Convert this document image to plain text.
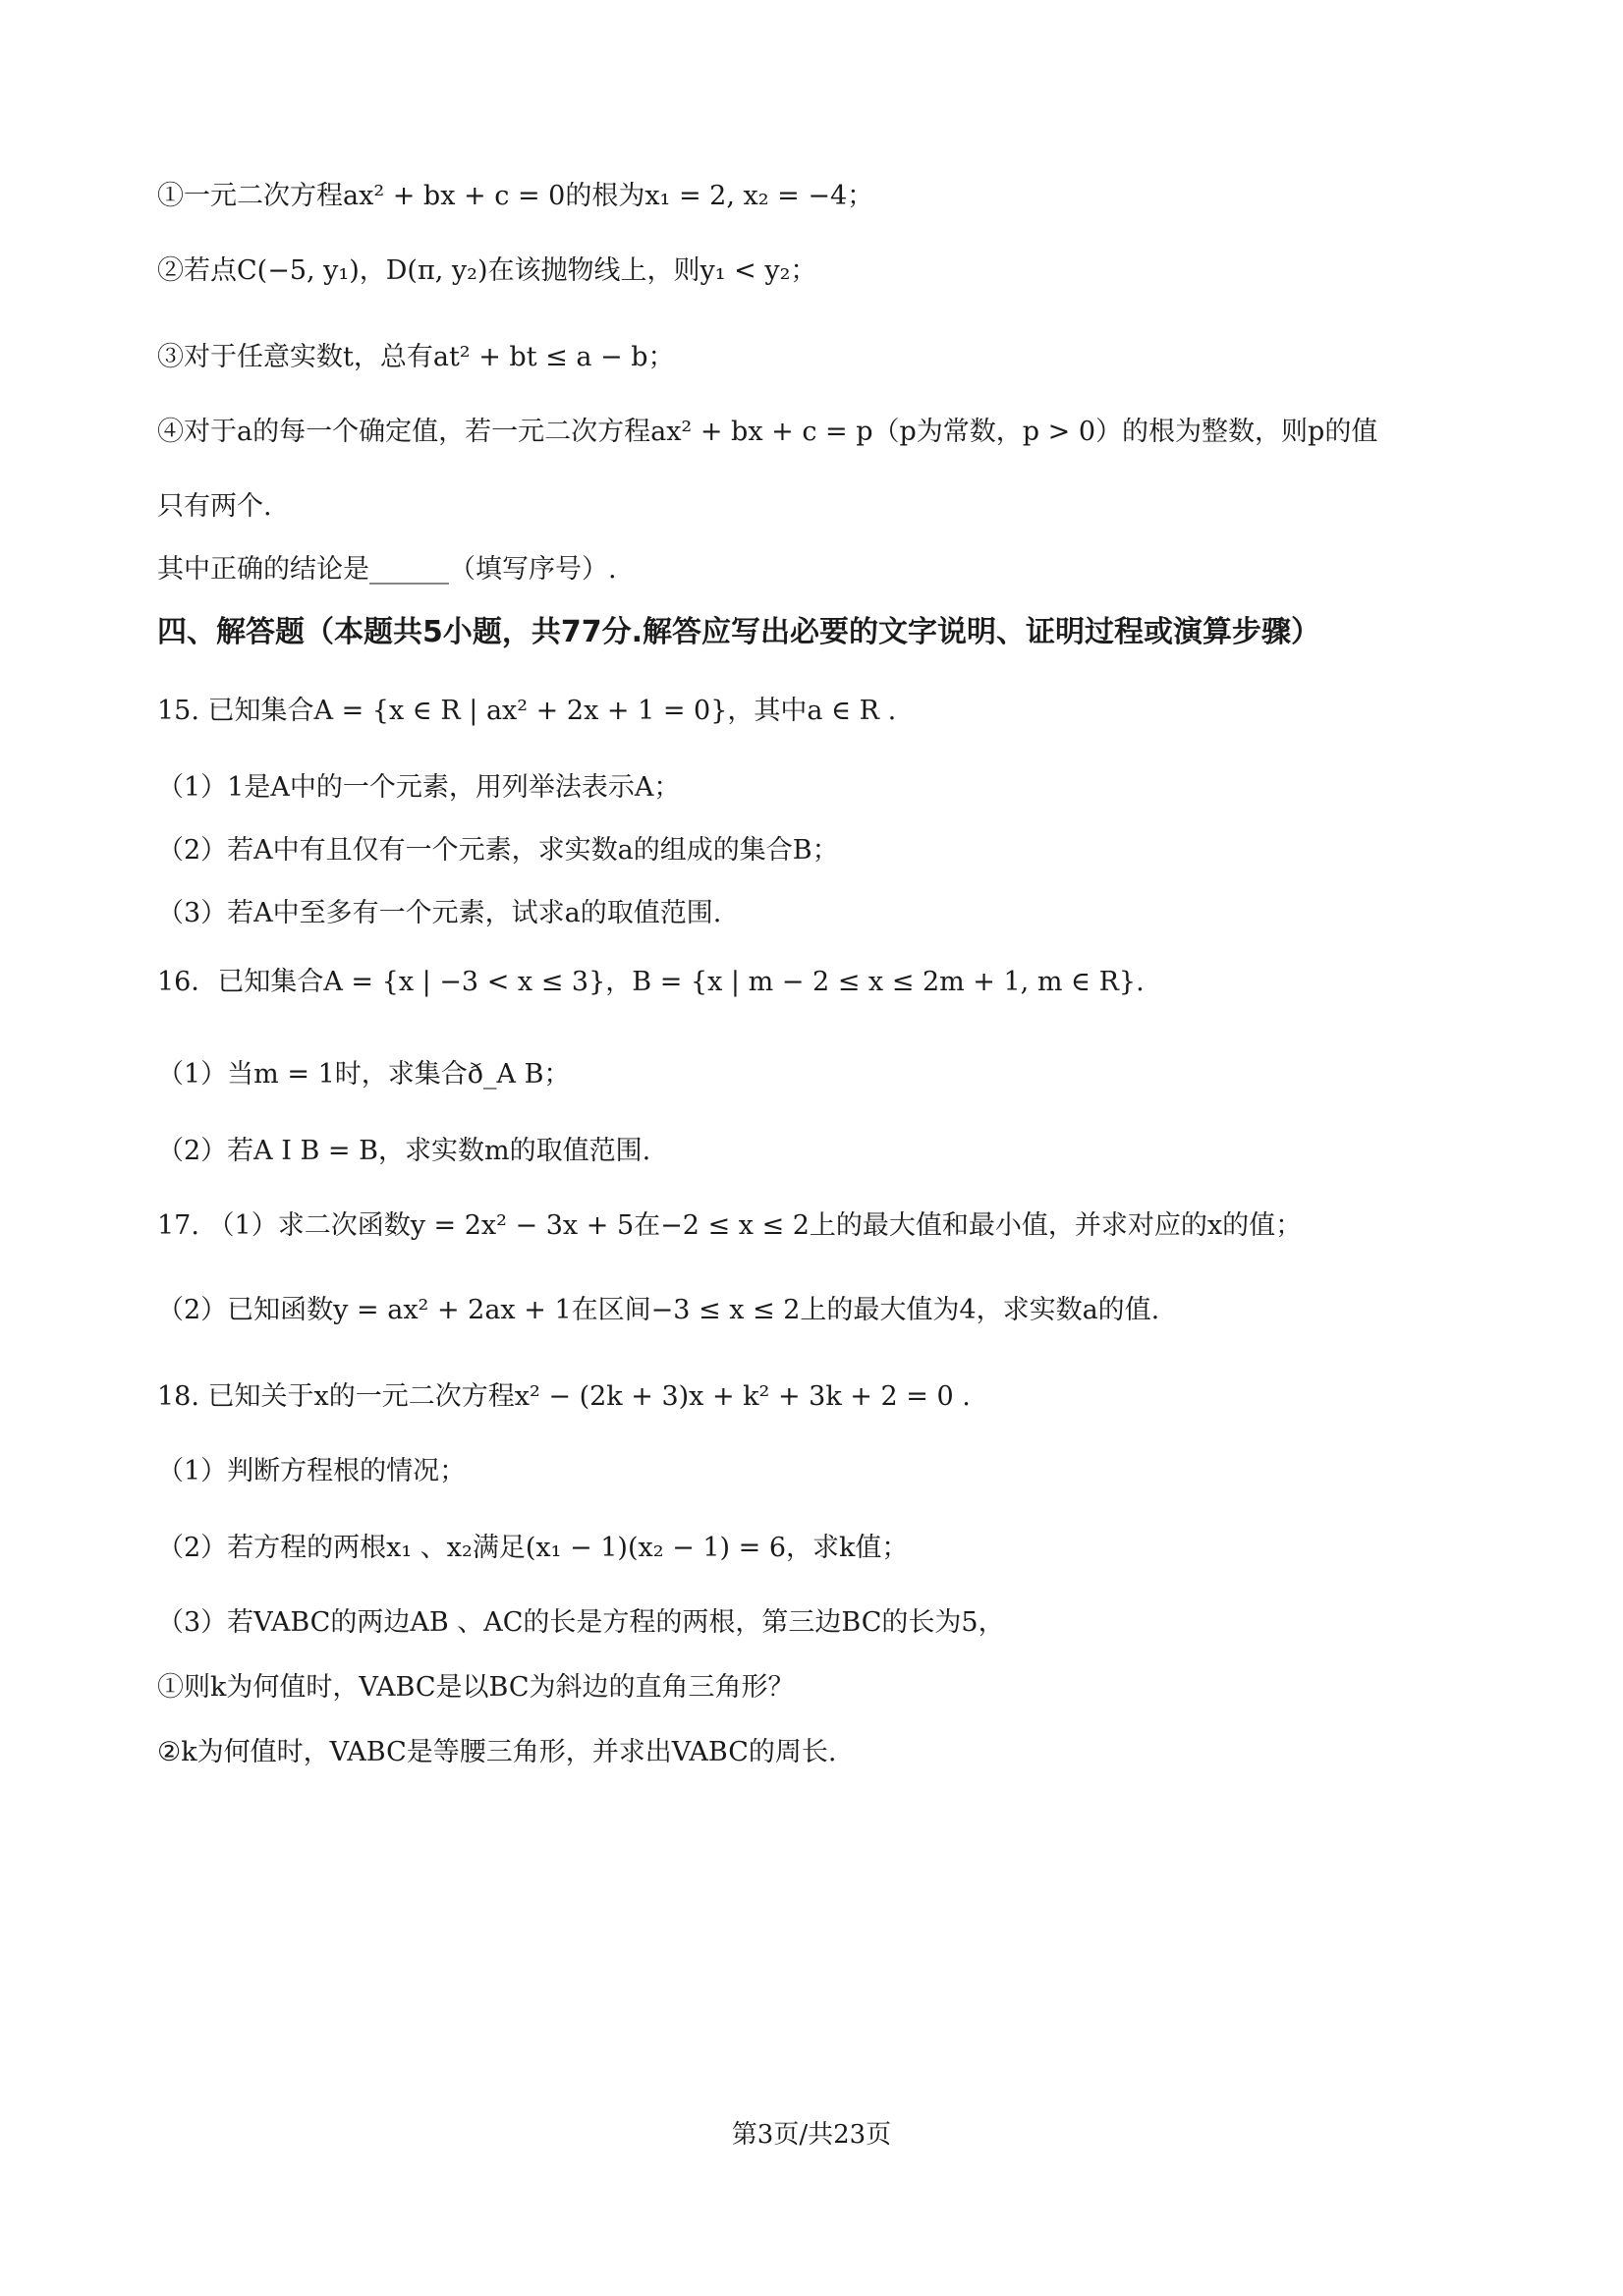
①一元二次方程ax² + bx + c = 0的根为x₁ = 2, x₂ = −4；
②若点C(−5, y₁)，D(π, y₂)在该抛物线上，则y₁ < y₂；
③对于任意实数t，总有at² + bt ≤ a − b；
④对于a的每一个确定值，若一元二次方程ax² + bx + c = p（p为常数，p > 0）的根为整数，则p的值
只有两个.
其中正确的结论是______（填写序号）.
四、解答题（本题共5小题，共77分.解答应写出必要的文字说明、证明过程或演算步骤）
15. 已知集合A = {x ∈ R | ax² + 2x + 1 = 0}，其中a ∈ R .
（1）1是A中的一个元素，用列举法表示A；
（2）若A中有且仅有一个元素，求实数a的组成的集合B；
（3）若A中至多有一个元素，试求a的取值范围.
16．已知集合A = {x | −3 < x ≤ 3}，B = {x | m − 2 ≤ x ≤ 2m + 1, m ∈ R}.
（1）当m = 1时，求集合ð_A B；
（2）若A I B = B，求实数m的取值范围.
17. （1）求二次函数y = 2x² − 3x + 5在−2 ≤ x ≤ 2上的最大值和最小值，并求对应的x的值；
（2）已知函数y = ax² + 2ax + 1在区间−3 ≤ x ≤ 2上的最大值为4，求实数a的值.
18. 已知关于x的一元二次方程x² − (2k + 3)x + k² + 3k + 2 = 0 .
（1）判断方程根的情况；
（2）若方程的两根x₁ 、x₂满足(x₁ − 1)(x₂ − 1) = 6，求k值；
（3）若VABC的两边AB 、AC的长是方程的两根，第三边BC的长为5，
①则k为何值时，VABC是以BC为斜边的直角三角形？
②k为何值时，VABC是等腰三角形，并求出VABC的周长.
第3页/共23页
